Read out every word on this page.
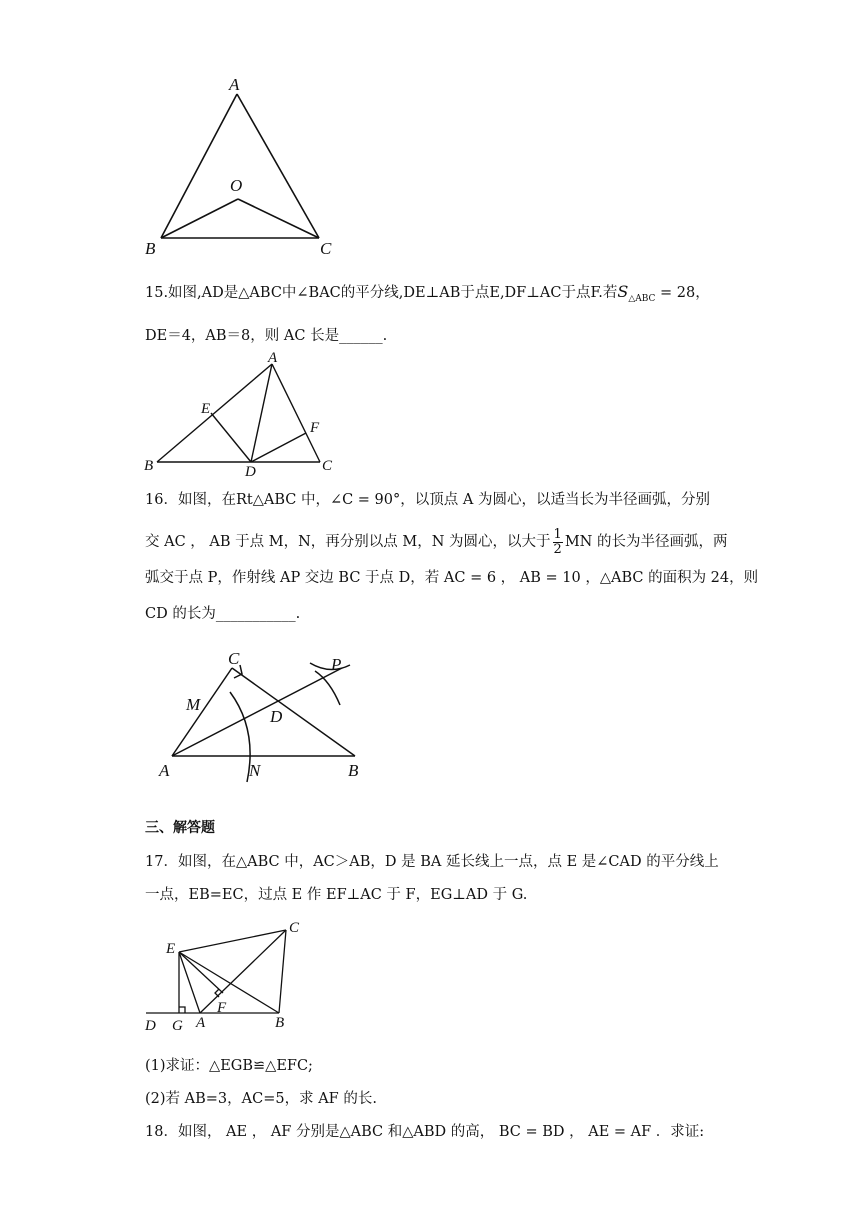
A
O
B	C
15.如图,AD是△ABC中∠BAC的平分线,DE⊥AB于点E,DF⊥AC于点F.若$S_{\triangle ABC} = 28$，
DE＝4，AB＝8，则 AC 长是______.
A
E
F
B	D	C
16．如图，在Rt△ABC 中，∠C = 90°，以顶点 A 为圆心，以适当长为半径画弧，分别
交 AC ， AB 于点 M，N，再分别以点 M，N 为圆心，以大于 $\frac{1}{2}$ MN 的长为半径画弧，两
弧交于点 P，作射线 AP 交边 BC 于点 D，若 AC = 6 ， AB = 10 ，△ABC 的面积为 24，则
CD 的长为___________.
C	P
M
D
A	N	B
三、解答题
17．如图，在△ABC 中，AC＞AB，D 是 BA 延长线上一点，点 E 是∠CAD 的平分线上
一点，EB=EC，过点 E 作 EF⊥AC 于 F，EG⊥AD 于 G.
C
E
F
D G A	B
(1)求证：△EGB≌△EFC;
(2)若 AB=3，AC=5，求 AF 的长.
18．如图， AE ， AF 分别是△ABC 和△ABD 的高， BC = BD ， AE = AF ．求证:
